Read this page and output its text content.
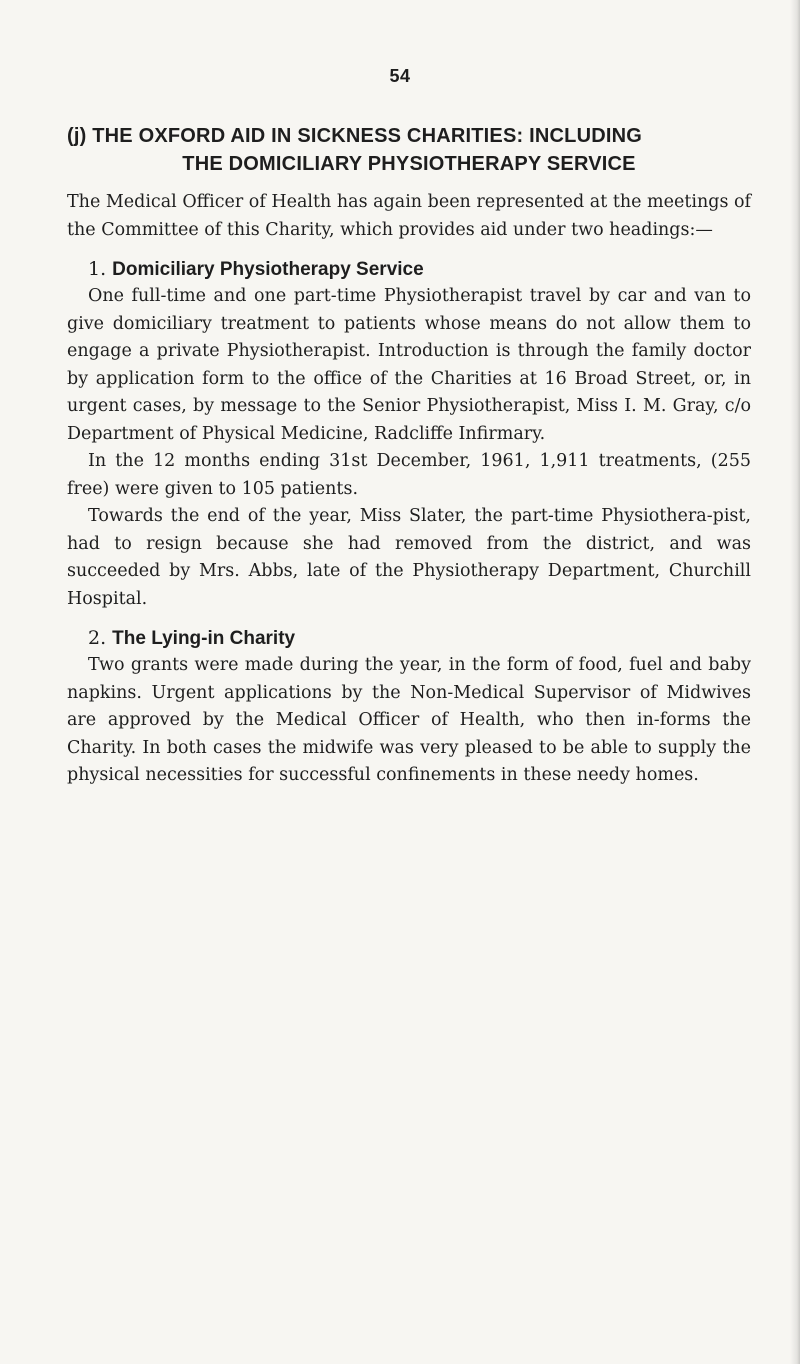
54
(j) THE OXFORD AID IN SICKNESS CHARITIES: INCLUDING
THE DOMICILIARY PHYSIOTHERAPY SERVICE

The Medical Officer of Health has again been represented at the meetings of the Committee of this Charity, which provides aid under two headings:—

1. Domiciliary Physiotherapy Service

One full-time and one part-time Physiotherapist travel by car and van to give domiciliary treatment to patients whose means do not allow them to engage a private Physiotherapist. Introduction is through the family doctor by application form to the office of the Charities at 16 Broad Street, or, in urgent cases, by message to the Senior Physiotherapist, Miss I. M. Gray, c/o Department of Physical Medicine, Radcliffe Infirmary.

In the 12 months ending 31st December, 1961, 1,911 treatments, (255 free) were given to 105 patients.

Towards the end of the year, Miss Slater, the part-time Physiothera-pist, had to resign because she had removed from the district, and was succeeded by Mrs. Abbs, late of the Physiotherapy Department, Churchill Hospital.

2. The Lying-in Charity

Two grants were made during the year, in the form of food, fuel and baby napkins. Urgent applications by the Non-Medical Supervisor of Midwives are approved by the Medical Officer of Health, who then in-forms the Charity. In both cases the midwife was very pleased to be able to supply the physical necessities for successful confinements in these needy homes.
